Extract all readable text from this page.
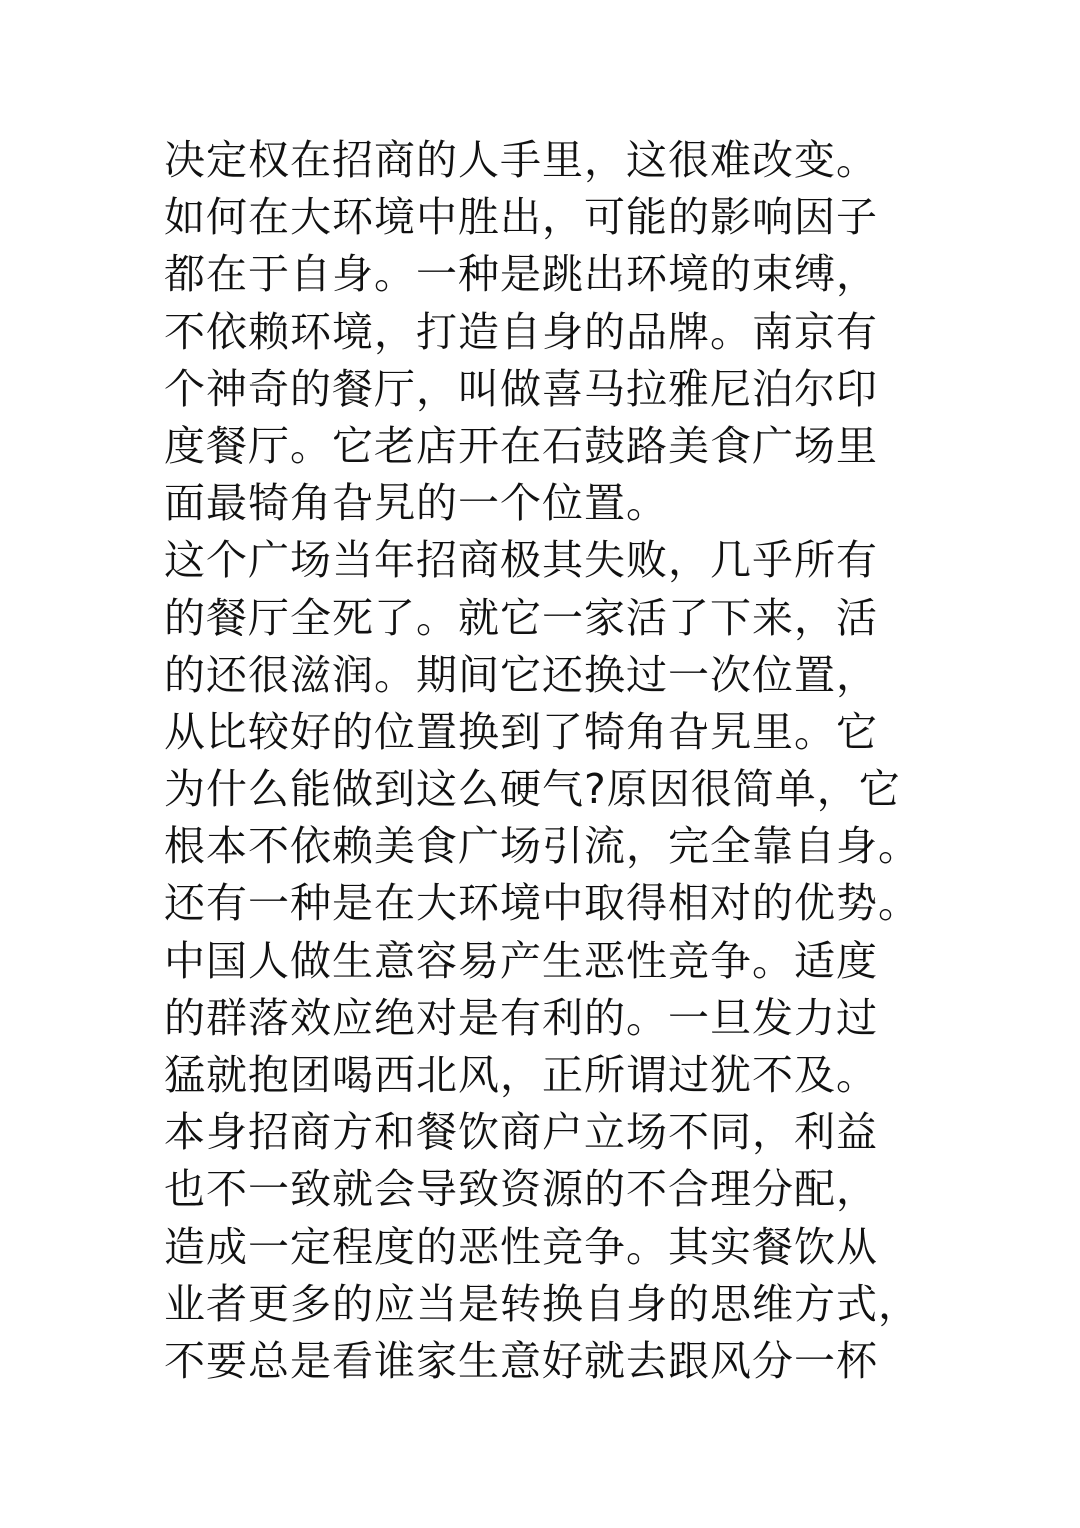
决定权在招商的人手里，这很难改变。
如何在大环境中胜出，可能的影响因子
都在于自身。一种是跳出环境的束缚，
不依赖环境，打造自身的品牌。南京有
个神奇的餐厅，叫做喜马拉雅尼泊尔印
度餐厅。它老店开在石鼓路美食广场里
面最犄角旮旯的一个位置。
这个广场当年招商极其失败，几乎所有
的餐厅全死了。就它一家活了下来，活
的还很滋润。期间它还换过一次位置，
从比较好的位置换到了犄角旮旯里。它
为什么能做到这么硬气?原因很简单，它
根本不依赖美食广场引流，完全靠自身。
还有一种是在大环境中取得相对的优势。
中国人做生意容易产生恶性竞争。适度
的群落效应绝对是有利的。一旦发力过
猛就抱团喝西北风，正所谓过犹不及。
本身招商方和餐饮商户立场不同，利益
也不一致就会导致资源的不合理分配，
造成一定程度的恶性竞争。其实餐饮从
业者更多的应当是转换自身的思维方式，
不要总是看谁家生意好就去跟风分一杯
